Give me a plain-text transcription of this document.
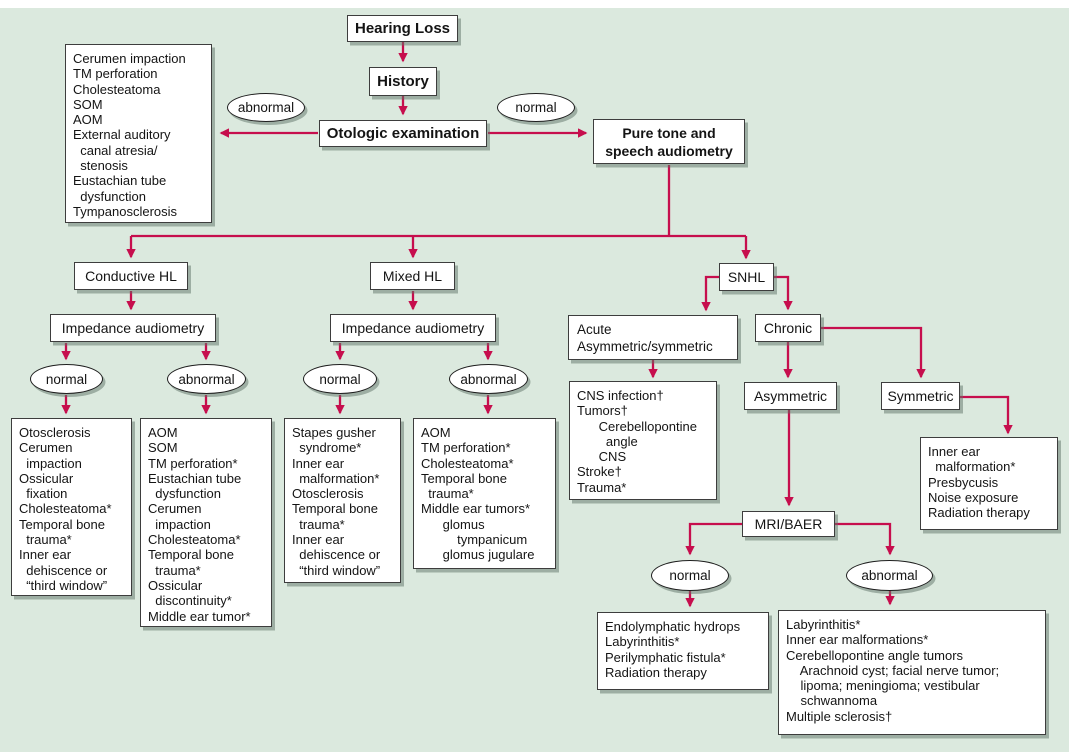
Hearing Loss
History
Otologic examination	Pure tone and
speech audiometry
abnormal	normal
Cerumen impaction
TM perforation
Cholesteatoma
SOM
AOM
External auditory
canal atresia/
stenosis
Eustachian tube
dysfunction
Tympanosclerosis
Conductive HL	Mixed HL	SNHL
Impedance audiometry	Impedance audiometry	Acute
Asymmetric/symmetric
Chronic
normal	abnormal	normal	abnormal
Asymmetric	Symmetric
CNS infection†
Tumors†
Cerebellopontine
angle
CNS
Stroke†
Trauma*
Otosclerosis
Cerumen
impaction
Ossicular
fixation
Cholesteatoma*
Temporal bone
trauma*
Inner ear
dehiscence or
“third window”
AOM
SOM
TM perforation*
Eustachian tube
dysfunction
Cerumen
impaction
Cholesteatoma*
Temporal bone
trauma*
Ossicular
discontinuity*
Middle ear tumor*
Stapes gusher
syndrome*
Inner ear
malformation*
Otosclerosis
Temporal bone
trauma*
Inner ear
dehiscence or
“third window”
AOM
TM perforation*
Cholesteatoma*
Temporal bone
trauma*
Middle ear tumors*
glomus
tympanicum
glomus jugulare
Inner ear
malformation*
Presbycusis
Noise exposure
Radiation therapy
MRI/BAER
normal	abnormal
Endolymphatic hydrops
Labyrinthitis*
Perilymphatic fistula*
Radiation therapy
Labyrinthitis*
Inner ear malformations*
Cerebellopontine angle tumors
Arachnoid cyst; facial nerve tumor;
lipoma; meningioma; vestibular
schwannoma
Multiple sclerosis†
